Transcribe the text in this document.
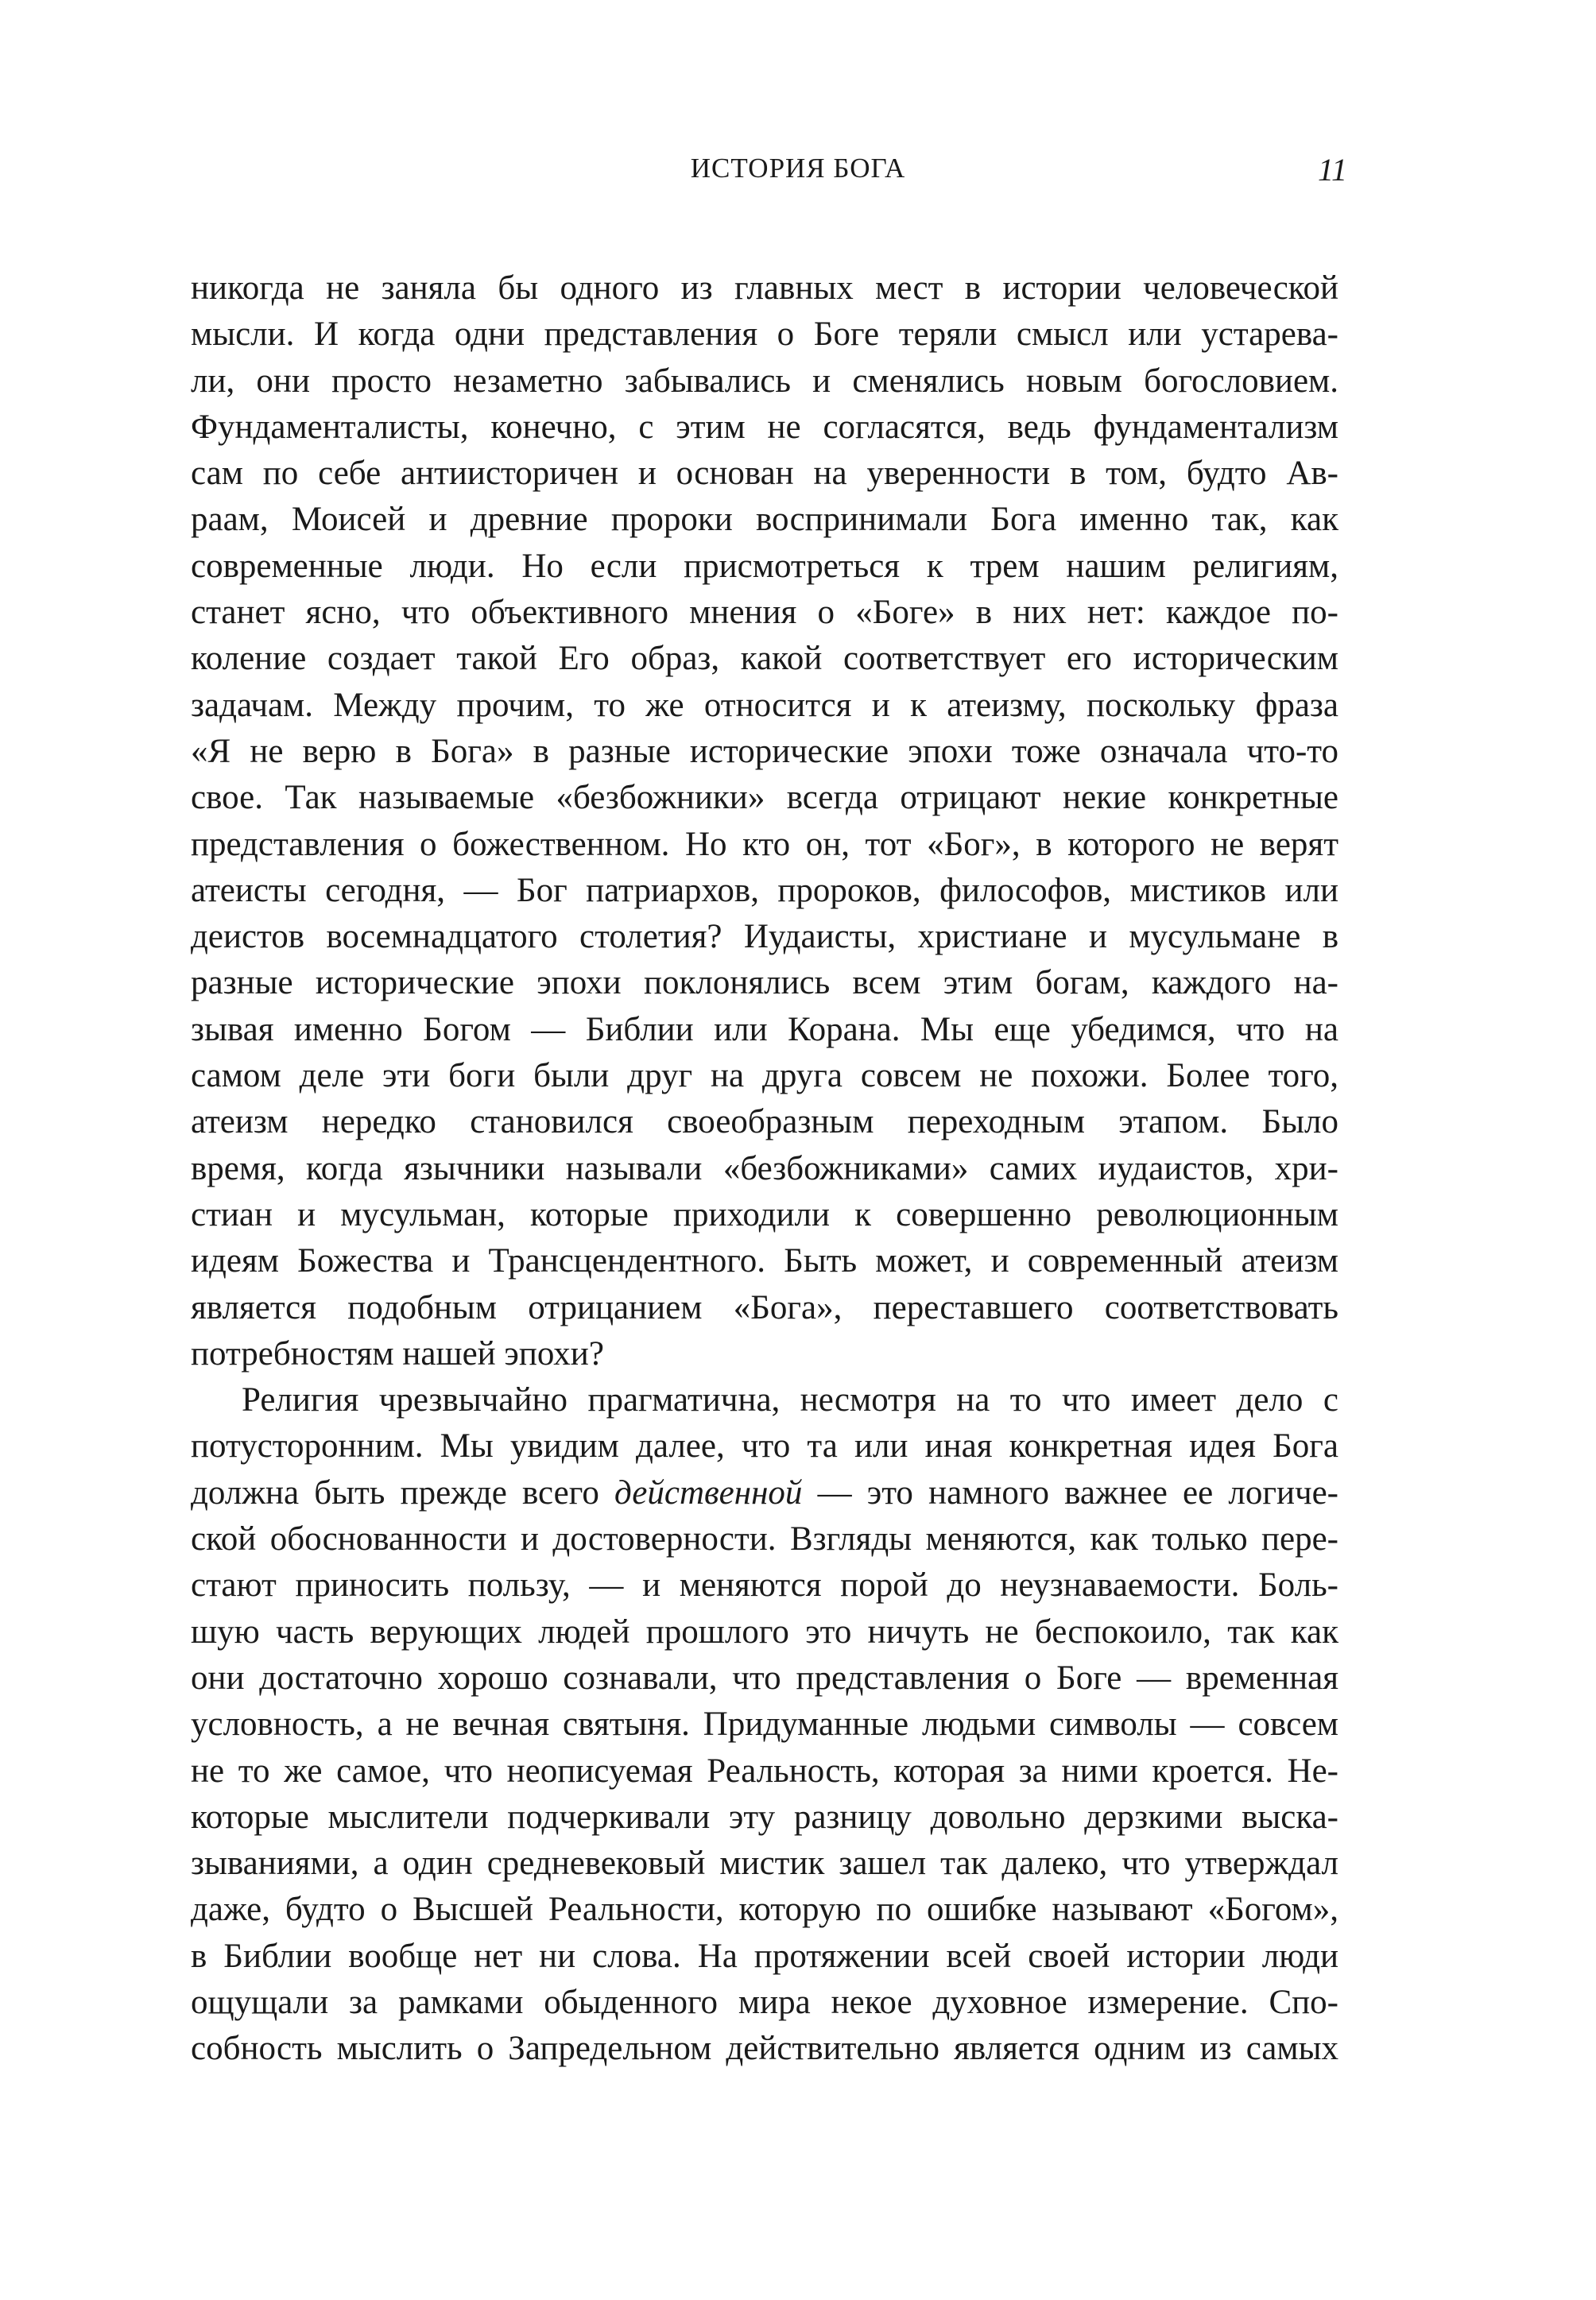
ИСТОРИЯ БОГА	11
никогда не заняла бы одного из главных мест в истории человеческой
мысли. И когда одни представления о Боге теряли смысл или устарева-
ли, они просто незаметно забывались и сменялись новым богословием.
Фундаменталисты, конечно, с этим не согласятся, ведь фундаментализм
сам по себе антиисторичен и основан на уверенности в том, будто Ав-
раам, Моисей и древние пророки воспринимали Бога именно так, как
современные люди. Но если присмотреться к трем нашим религиям,
станет ясно, что объективного мнения о «Боге» в них нет: каждое по-
коление создает такой Его образ, какой соответствует его историческим
задачам. Между прочим, то же относится и к атеизму, поскольку фраза
«Я не верю в Бога» в разные исторические эпохи тоже означала что-то
свое. Так называемые «безбожники» всегда отрицают некие конкретные
представления о божественном. Но кто он, тот «Бог», в которого не верят
атеисты сегодня, — Бог патриархов, пророков, философов, мистиков или
деистов восемнадцатого столетия? Иудаисты, христиане и мусульмане в
разные исторические эпохи поклонялись всем этим богам, каждого на-
зывая именно Богом — Библии или Корана. Мы еще убедимся, что на
самом деле эти боги были друг на друга совсем не похожи. Более того,
атеизм нередко становился своеобразным переходным этапом. Было
время, когда язычники называли «безбожниками» самих иудаистов, хри-
стиан и мусульман, которые приходили к совершенно революционным
идеям Божества и Трансцендентного. Быть может, и современный атеизм
является подобным отрицанием «Бога», переставшего соответствовать
потребностям нашей эпохи?
Религия чрезвычайно прагматична, несмотря на то что имеет дело с
потусторонним. Мы увидим далее, что та или иная конкретная идея Бога
должна быть прежде всего действенной — это намного важнее ее логиче-
ской обоснованности и достоверности. Взгляды меняются, как только пере-
стают приносить пользу, — и меняются порой до неузнаваемости. Боль-
шую часть верующих людей прошлого это ничуть не беспокоило, так как
они достаточно хорошо сознавали, что представления о Боге — временная
условность, а не вечная святыня. Придуманные людьми символы — совсем
не то же самое, что неописуемая Реальность, которая за ними кроется. Не-
которые мыслители подчеркивали эту разницу довольно дерзкими выска-
зываниями, а один средневековый мистик зашел так далеко, что утверждал
даже, будто о Высшей Реальности, которую по ошибке называют «Богом»,
в Библии вообще нет ни слова. На протяжении всей своей истории люди
ощущали за рамками обыденного мира некое духовное измерение. Спо-
собность мыслить о Запредельном действительно является одним из самых
